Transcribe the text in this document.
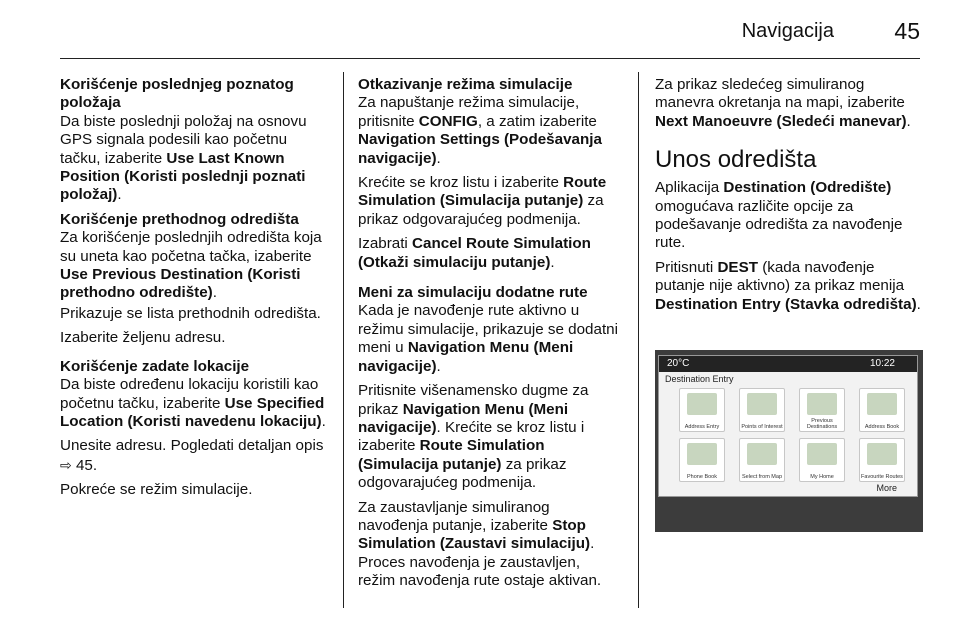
Navigacija	45
Korišćenje poslednjeg poznatog položaja

Da biste poslednji položaj na osnovu GPS signala podesili kao početnu tačku, izaberite Use Last Known Position (Koristi poslednji poznati položaj).

Korišćenje prethodnog odredišta

Za korišćenje poslednjih odredišta koja su uneta kao početna tačka, izaberite Use Previous Destination (Koristi prethodno odredište).

Prikazuje se lista prethodnih odredišta.

Izaberite željenu adresu.

Korišćenje zadate lokacije

Da biste određenu lokaciju koristili kao početnu tačku, izaberite Use Specified Location (Koristi navedenu lokaciju).

Unesite adresu. Pogledati detaljan opis ⇨ 45.

Pokreće se režim simulacije.

Otkazivanje režima simulacije

Za napuštanje režima simulacije, pritisnite CONFIG, a zatim izaberite Navigation Settings (Podešavanja navigacije).

Krećite se kroz listu i izaberite Route Simulation (Simulacija putanje) za prikaz odgovarajućeg podmenija.

Izabrati Cancel Route Simulation (Otkaži simulaciju putanje).

Meni za simulaciju dodatne rute

Kada je navođenje rute aktivno u režimu simulacije, prikazuje se dodatni meni u Navigation Menu (Meni navigacije).

Pritisnite višenamensko dugme za prikaz Navigation Menu (Meni navigacije). Krećite se kroz listu i izaberite Route Simulation (Simulacija putanje) za prikaz odgovarajućeg podmenija.

Za zaustavljanje simuliranog navođenja putanje, izaberite Stop Simulation (Zaustavi simulaciju).

Proces navođenja je zaustavljen, režim navođenja rute ostaje aktivan.

Za prikaz sledećeg simuliranog manevra okretanja na mapi, izaberite Next Manoeuvre (Sledeći manevar).

Unos odredišta

Aplikacija Destination (Odredište) omogućava različite opcije za podešavanje odredišta za navođenje rute.

Pritisnuti DEST (kada navođenje putanje nije aktivno) za prikaz menija Destination Entry (Stavka odredišta).

20°C	10:22
Destination Entry
Address Entry	Points of Interest
Previous Destinations	Address Book
Phone Book	Select from Map	My Home	Favourite Routes
More
